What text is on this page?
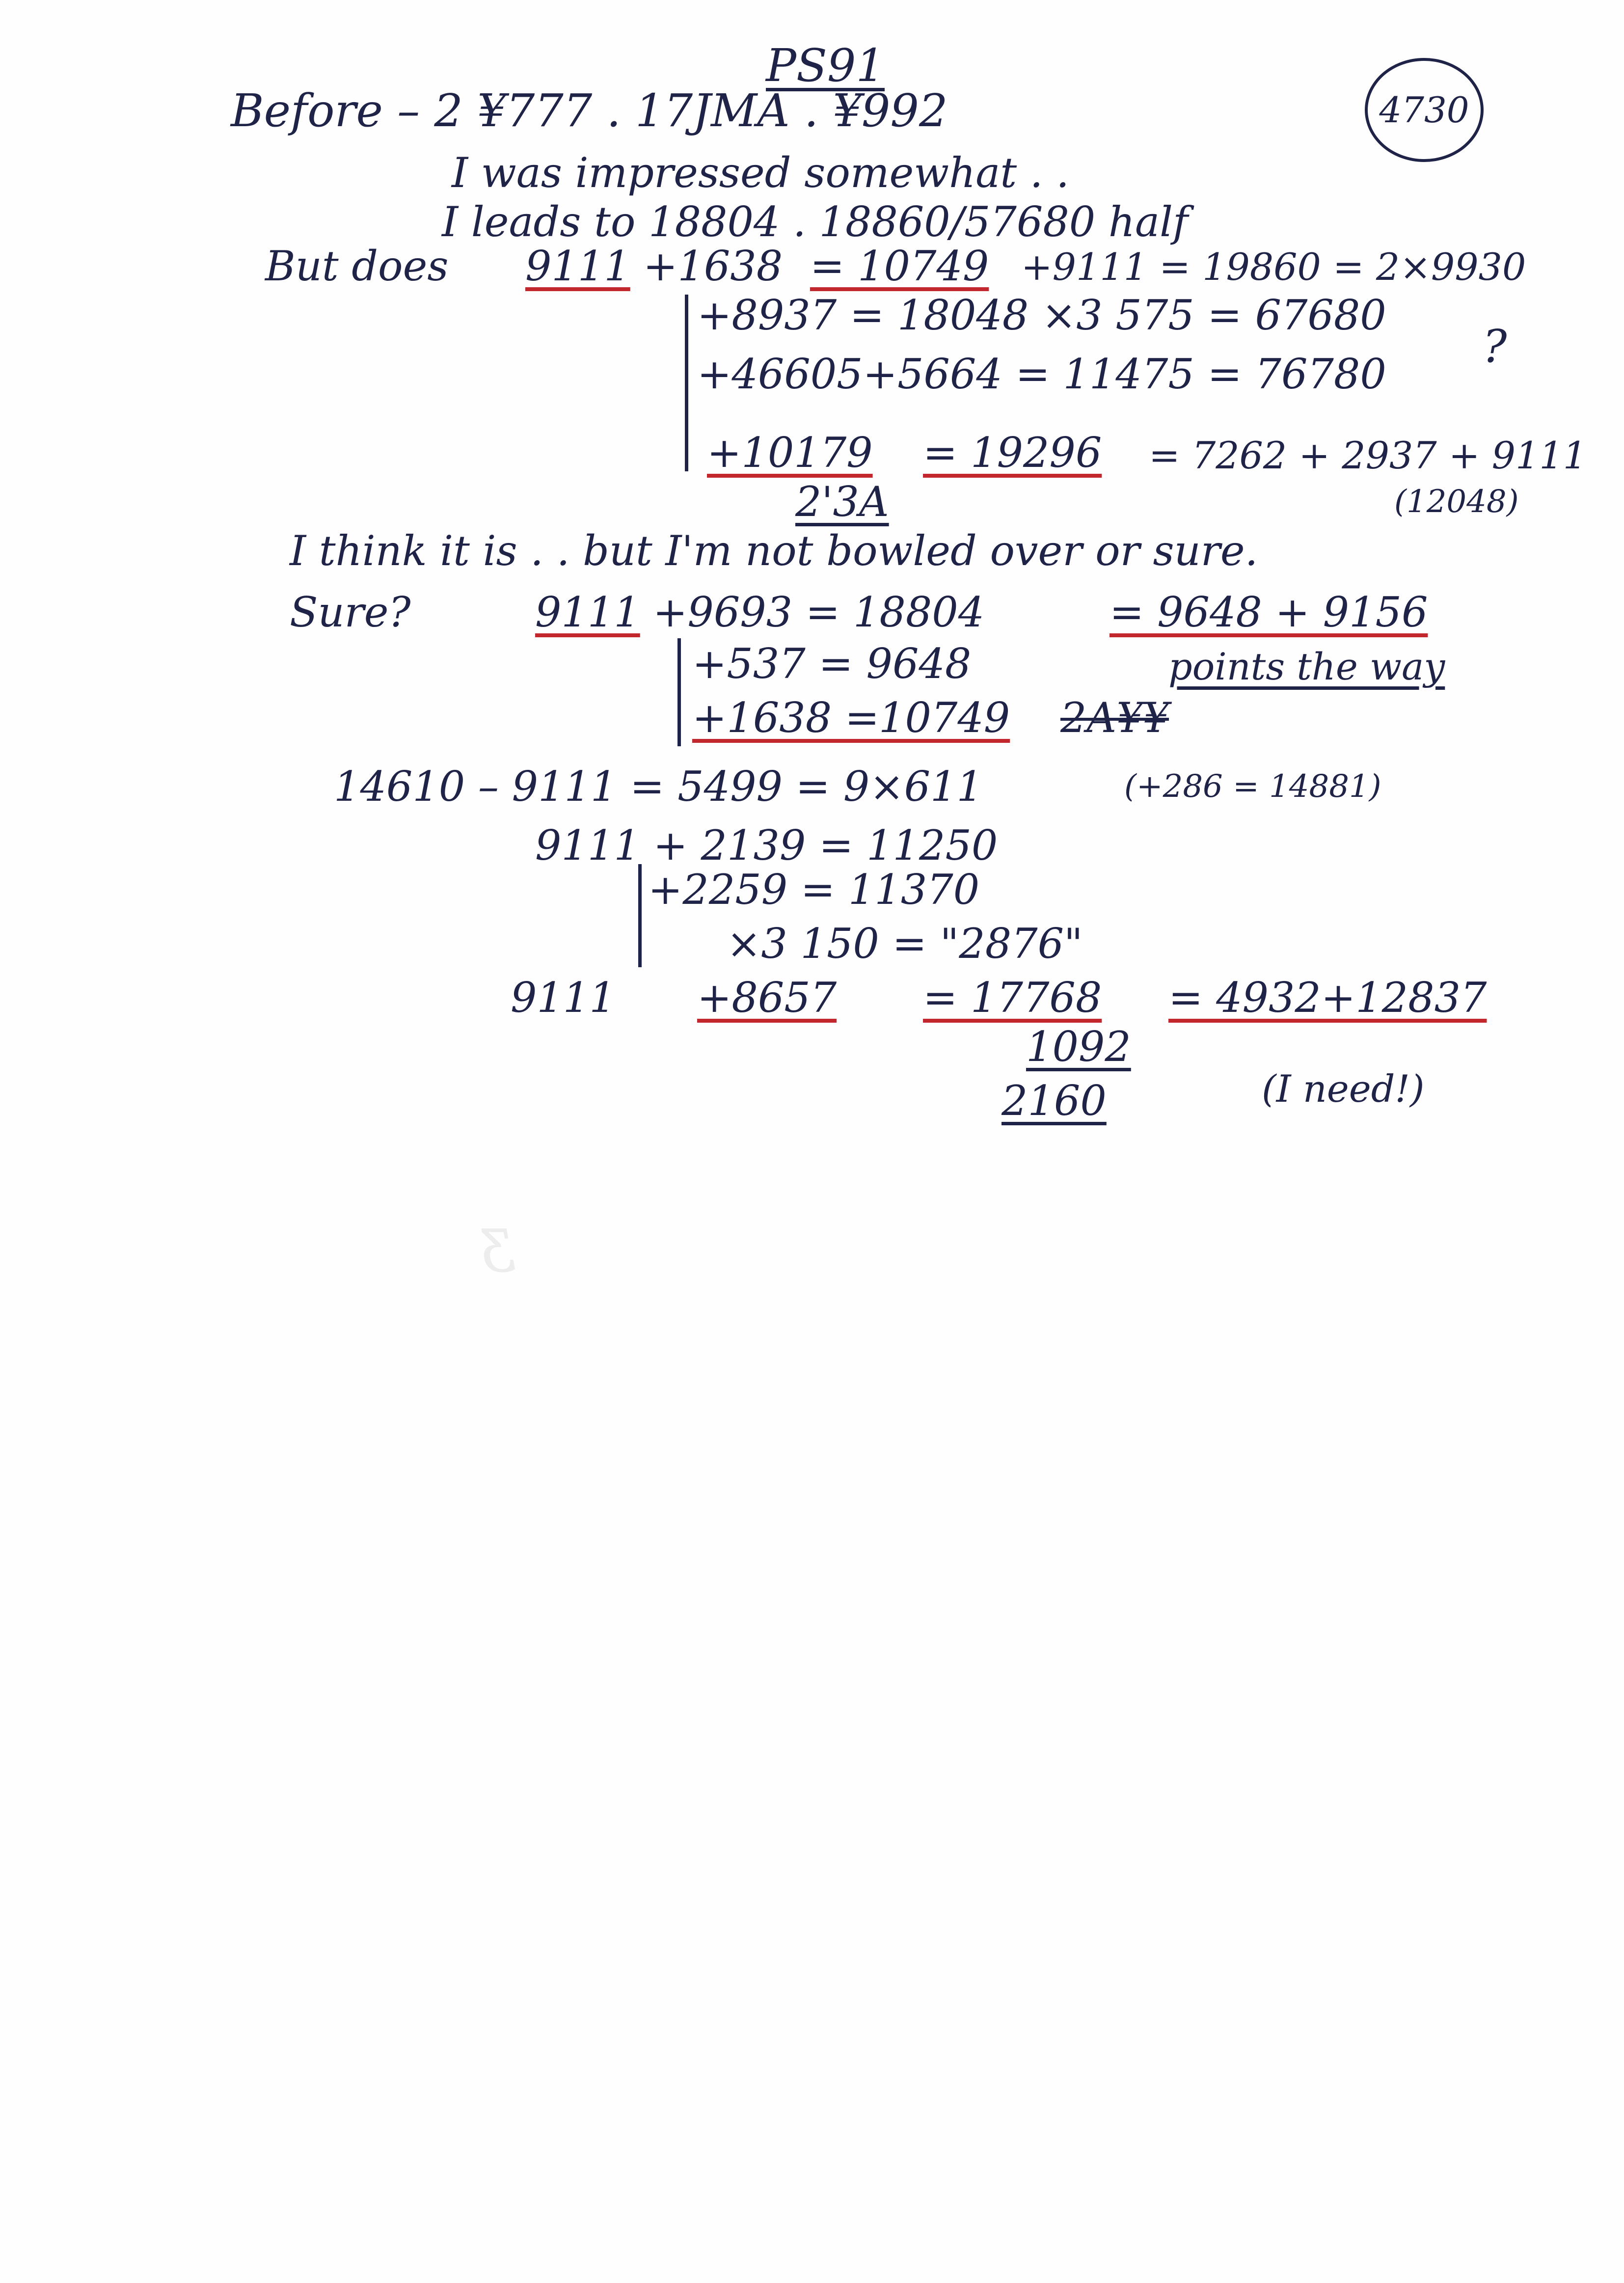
Ӡ
PS91
4730
Before – 2 ¥777 . 17JMA . ¥992
I was impressed somewhat . .
I leads to 18804 . 18860/57680 half
But does 9111 +1638 = 10749 +9111 = 19860 = 2×9930
+8937 = 18048 ×3 575 = 67680
?
+46605+5664 = 11475 = 76780
+10179 = 19296 = 7262 + 2937 + 9111
2'3A	(12048)
I think it is . . but I'm not bowled over or sure.
Sure?	9111 +9693 = 18804	= 9648 + 9156
+537 = 9648	points the way
+1638 =
10749 2A¥¥
14610 – 9111 = 5499 = 9×611	(+286 = 14881)
9111 + 2139 = 11250
+2259 = 11370
×3 150 = "2876"
9111 +8657 = 17768 = 4932+12837
1092
2160	(I need!)
